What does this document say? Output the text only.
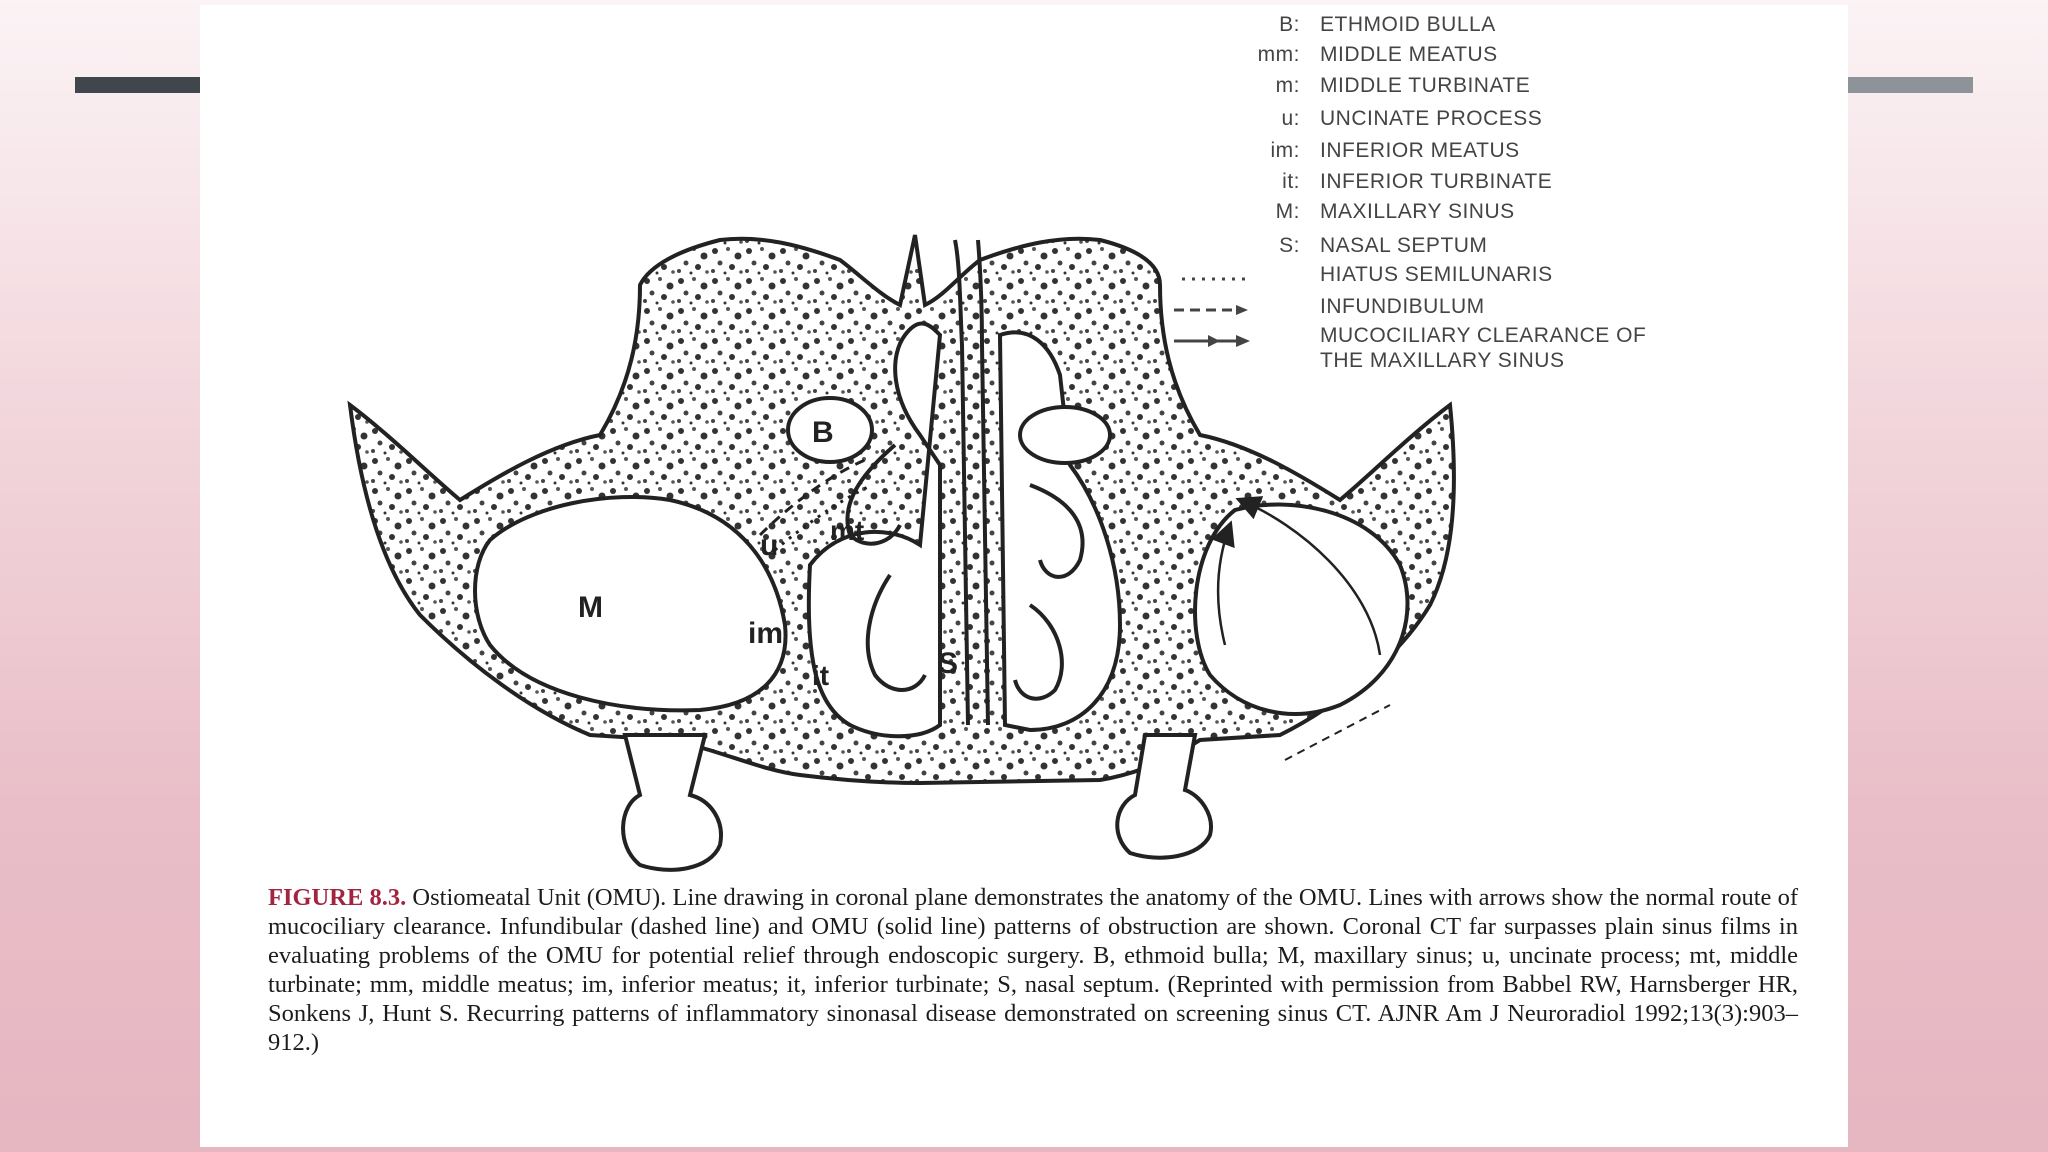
B
mt
u
M
im
it	S
B: ETHMOID BULLA
mm: MIDDLE MEATUS
m: MIDDLE TURBINATE
u: UNCINATE PROCESS
im: INFERIOR MEATUS
it: INFERIOR TURBINATE
M: MAXILLARY SINUS
S: NASAL SEPTUM
HIATUS SEMILUNARIS
INFUNDIBULUM
MUCOCILIARY CLEARANCE OF
THE MAXILLARY SINUS
FIGURE 8.3. Ostiomeatal Unit (OMU). Line drawing in coronal plane demonstrates the anatomy of the OMU. Lines with arrows show the normal route of mucociliary clearance. Infundibular (dashed line) and OMU (solid line) patterns of obstruction are shown. Coronal CT far surpasses plain sinus films in evaluating problems of the OMU for potential relief through endoscopic surgery. B, ethmoid bulla; M, maxillary sinus; u, uncinate process; mt, middle turbinate; mm, middle meatus; im, inferior meatus; it, inferior turbinate; S, nasal septum. (Reprinted with permission from Babbel RW, Harnsberger HR, Sonkens J, Hunt S. Recurring patterns of inflammatory sinonasal disease demonstrated on screening sinus CT. AJNR Am J Neuroradiol 1992;13(3):903–912.)
